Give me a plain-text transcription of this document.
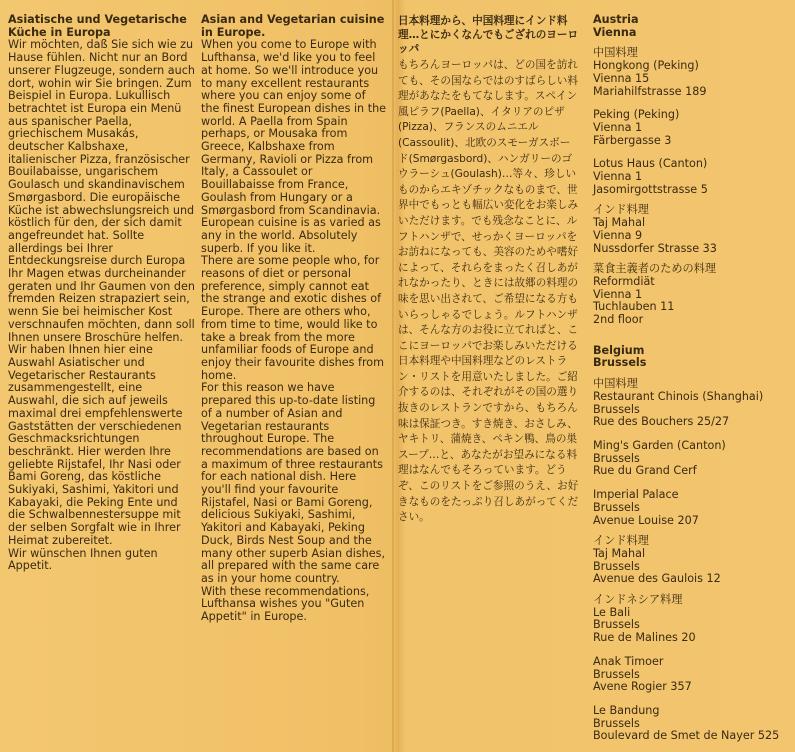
Asiatische und Vegetarische Küche in Europa

Wir möchten, daß Sie sich wie zu Hause fühlen. Nicht nur an Bord unserer Flugzeuge, sondern auch dort, wohin wir Sie bringen. Zum Beispiel in Europa. Lukullisch betrachtet ist Europa ein Menü aus spanischer Paella, griechischem Musakás, deutscher Kalbshaxe, italienischer Pizza, französischer Bouilabaisse, ungarischem Goulasch und skandinavischem Smørgasbord. Die europäische Küche ist abwechslungsreich und köstlich für den, der sich damit angefreundet hat. Sollte allerdings bei Ihrer Entdeckungsreise durch Europa Ihr Magen etwas durcheinander geraten und Ihr Gaumen von den fremden Reizen strapaziert sein, wenn Sie bei heimischer Kost verschnaufen möchten, dann soll Ihnen unsere Broschüre helfen. Wir haben Ihnen hier eine Auswahl Asiatischer und Vegetarischer Restaurants zusammengestellt, eine Auswahl, die sich auf jeweils maximal drei empfehlenswerte Gaststätten der verschiedenen Geschmacksrichtungen beschränkt. Hier werden Ihre geliebte Rijstafel, Ihr Nasi oder Bami Goreng, das köstliche Sukiyaki, Sashimi, Yakitori und Kabayaki, die Peking Ente und die Schwalbennestersuppe mit der selben Sorgfalt wie in Ihrer Heimat zubereitet.

Wir wünschen Ihnen guten Appetit.

Asian and Vegetarian cuisine in Europe.

When you come to Europe with Lufthansa, we'd like you to feel at home. So we'll introduce you to many excellent restaurants where you can enjoy some of the finest European dishes in the world. A Paella from Spain perhaps, or Mousaka from Greece, Kalbshaxe from Germany, Ravioli or Pizza from Italy, a Cassoulet or Bouillabaisse from France, Goulash from Hungary or a Smørgasbord from Scandinavia. European cuisine is as varied as any in the world. Absolutely superb. If you like it.

There are some people who, for reasons of diet or personal preference, simply cannot eat the strange and exotic dishes of Europe. There are others who, from time to time, would like to take a break from the more unfamiliar foods of Europe and enjoy their favourite dishes from home.

For this reason we have prepared this up-to-date listing of a number of Asian and Vegetarian restaurants throughout Europe. The recommendations are based on a maximum of three restaurants for each national dish. Here you'll find your favourite Rijstafel, Nasi or Bami Goreng, delicious Sukiyaki, Sashimi, Yakitori and Kabayaki, Peking Duck, Birds Nest Soup and the many other superb Asian dishes, all prepared with the same care as in your home country.

With these recommendations, Lufthansa wishes you "Guten Appetit" in Europe.

日本料理から、中国料理にインド料理…とにかくなんでもござれのヨーロッパ

もちろんヨーロッパは、どの国を訪れても、その国ならではのすばらしい料理があなたをもてなします。スペイン風ピラフ(Paella)、イタリアのピザ(Pizza)、フランスのムニエル(Cassoulit)、北欧のスモーガスボード(Smørgasbord)、ハンガリーのゴウラーシュ(Goulash)…等々、珍しいものからエキゾチックなものまで、世界中でもっとも幅広い変化をお楽しみいただけます。でも残念なことに、ルフトハンザで、せっかくヨーロッパをお訪ねになっても、美容のためや嗜好によって、それらをまったく召しあがれなかったり、ときには故郷の料理の味を思い出されて、ご希望になる方もいらっしゃるでしょう。ルフトハンザは、そんな方のお役に立てればと、ここにヨーロッパでお楽しみいただける日本料理や中国料理などのレストラン・リストを用意いたしました。ご紹介するのは、それぞれがその国の選り抜きのレストランですから、もちろん味は保証つき。すき焼き、おさしみ、ヤキトリ、蒲焼き、ペキン鴨、鳥の巣スープ…と、あなたがお望みになる料理はなんでもそろっています。どうぞ、このリストをご参照のうえ、お好きなものをたっぷり召しあがってください。

Austria
Vienna
中国料理
Hongkong (Peking)
Vienna 15
Mariahilfstrasse 189
Peking (Peking)
Vienna 1
Färbergasse 3
Lotus Haus (Canton)
Vienna 1
Jasomirgottstrasse 5
インド料理
Taj Mahal
Vienna 9
Nussdorfer Strasse 33
菜食主義者のための料理
Reformdiät
Vienna 1
Tuchlauben 11
2nd floor
Belgium
Brussels
中国料理
Restaurant Chinois (Shanghai)
Brussels
Rue des Bouchers 25/27
Ming's Garden (Canton)
Brussels
Rue du Grand Cerf
Imperial Palace
Brussels
Avenue Louise 207
インド料理
Taj Mahal
Brussels
Avenue des Gaulois 12
インドネシア料理
Le Bali
Brussels
Rue de Malines 20
Anak Timoer
Brussels
Avene Rogier 357
Le Bandung
Brussels
Boulevard de Smet de Nayer 525
